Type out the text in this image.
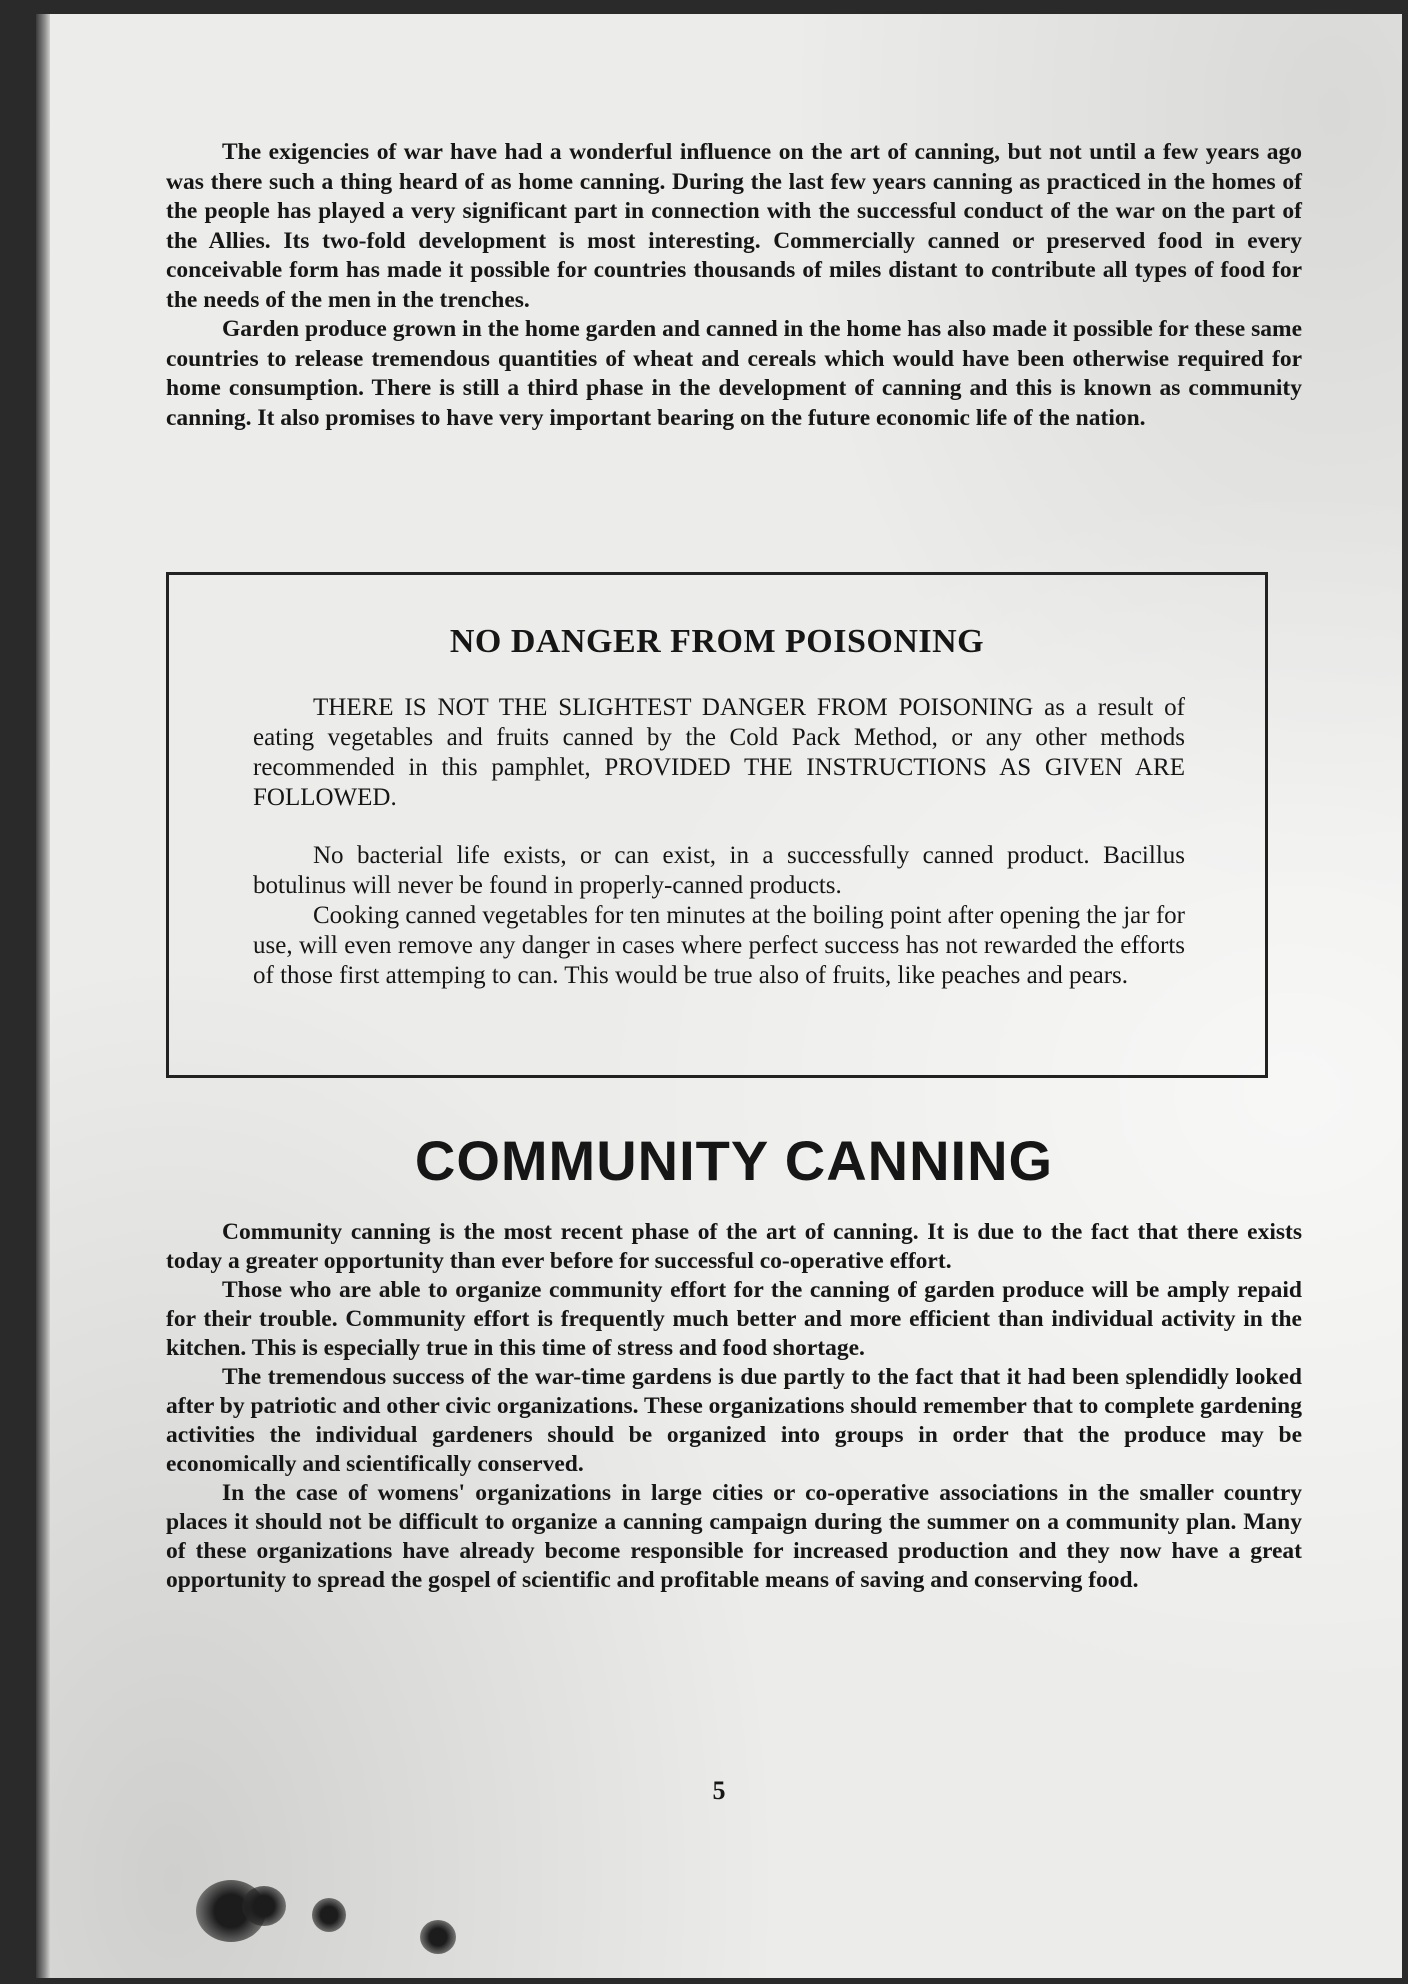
The exigencies of war have had a wonderful influence on the art of canning, but not until a few years ago was there such a thing heard of as home canning. During the last few years canning as practiced in the homes of the people has played a very significant part in connection with the successful conduct of the war on the part of the Allies. Its two-fold development is most interesting. Commercially canned or preserved food in every conceivable form has made it possible for countries thousands of miles distant to contribute all types of food for the needs of the men in the trenches.

Garden produce grown in the home garden and canned in the home has also made it possible for these same countries to release tremendous quantities of wheat and cereals which would have been otherwise required for home consumption. There is still a third phase in the development of canning and this is known as community canning. It also promises to have very important bearing on the future economic life of the nation.

NO DANGER FROM POISONING

THERE IS NOT THE SLIGHTEST DANGER FROM POISONING as a result of eating vegetables and fruits canned by the Cold Pack Method, or any other methods recommended in this pamphlet, PROVIDED THE INSTRUCTIONS AS GIVEN ARE FOLLOWED.

No bacterial life exists, or can exist, in a successfully canned product. Bacillus botulinus will never be found in properly-canned products.

Cooking canned vegetables for ten minutes at the boiling point after opening the jar for use, will even remove any danger in cases where perfect success has not rewarded the efforts of those first attemping to can. This would be true also of fruits, like peaches and pears.

COMMUNITY CANNING

Community canning is the most recent phase of the art of canning. It is due to the fact that there exists today a greater opportunity than ever before for successful co-operative effort.

Those who are able to organize community effort for the canning of garden produce will be amply repaid for their trouble. Community effort is frequently much better and more efficient than individual activity in the kitchen. This is especially true in this time of stress and food shortage.

The tremendous success of the war-time gardens is due partly to the fact that it had been splendidly looked after by patriotic and other civic organizations. These organizations should remember that to complete gardening activities the individual gardeners should be organized into groups in order that the produce may be economically and scientifically conserved.

In the case of womens' organizations in large cities or co-operative associations in the smaller country places it should not be difficult to organize a canning campaign during the summer on a community plan. Many of these organizations have already become responsible for increased production and they now have a great opportunity to spread the gospel of scientific and profitable means of saving and conserving food.

5
